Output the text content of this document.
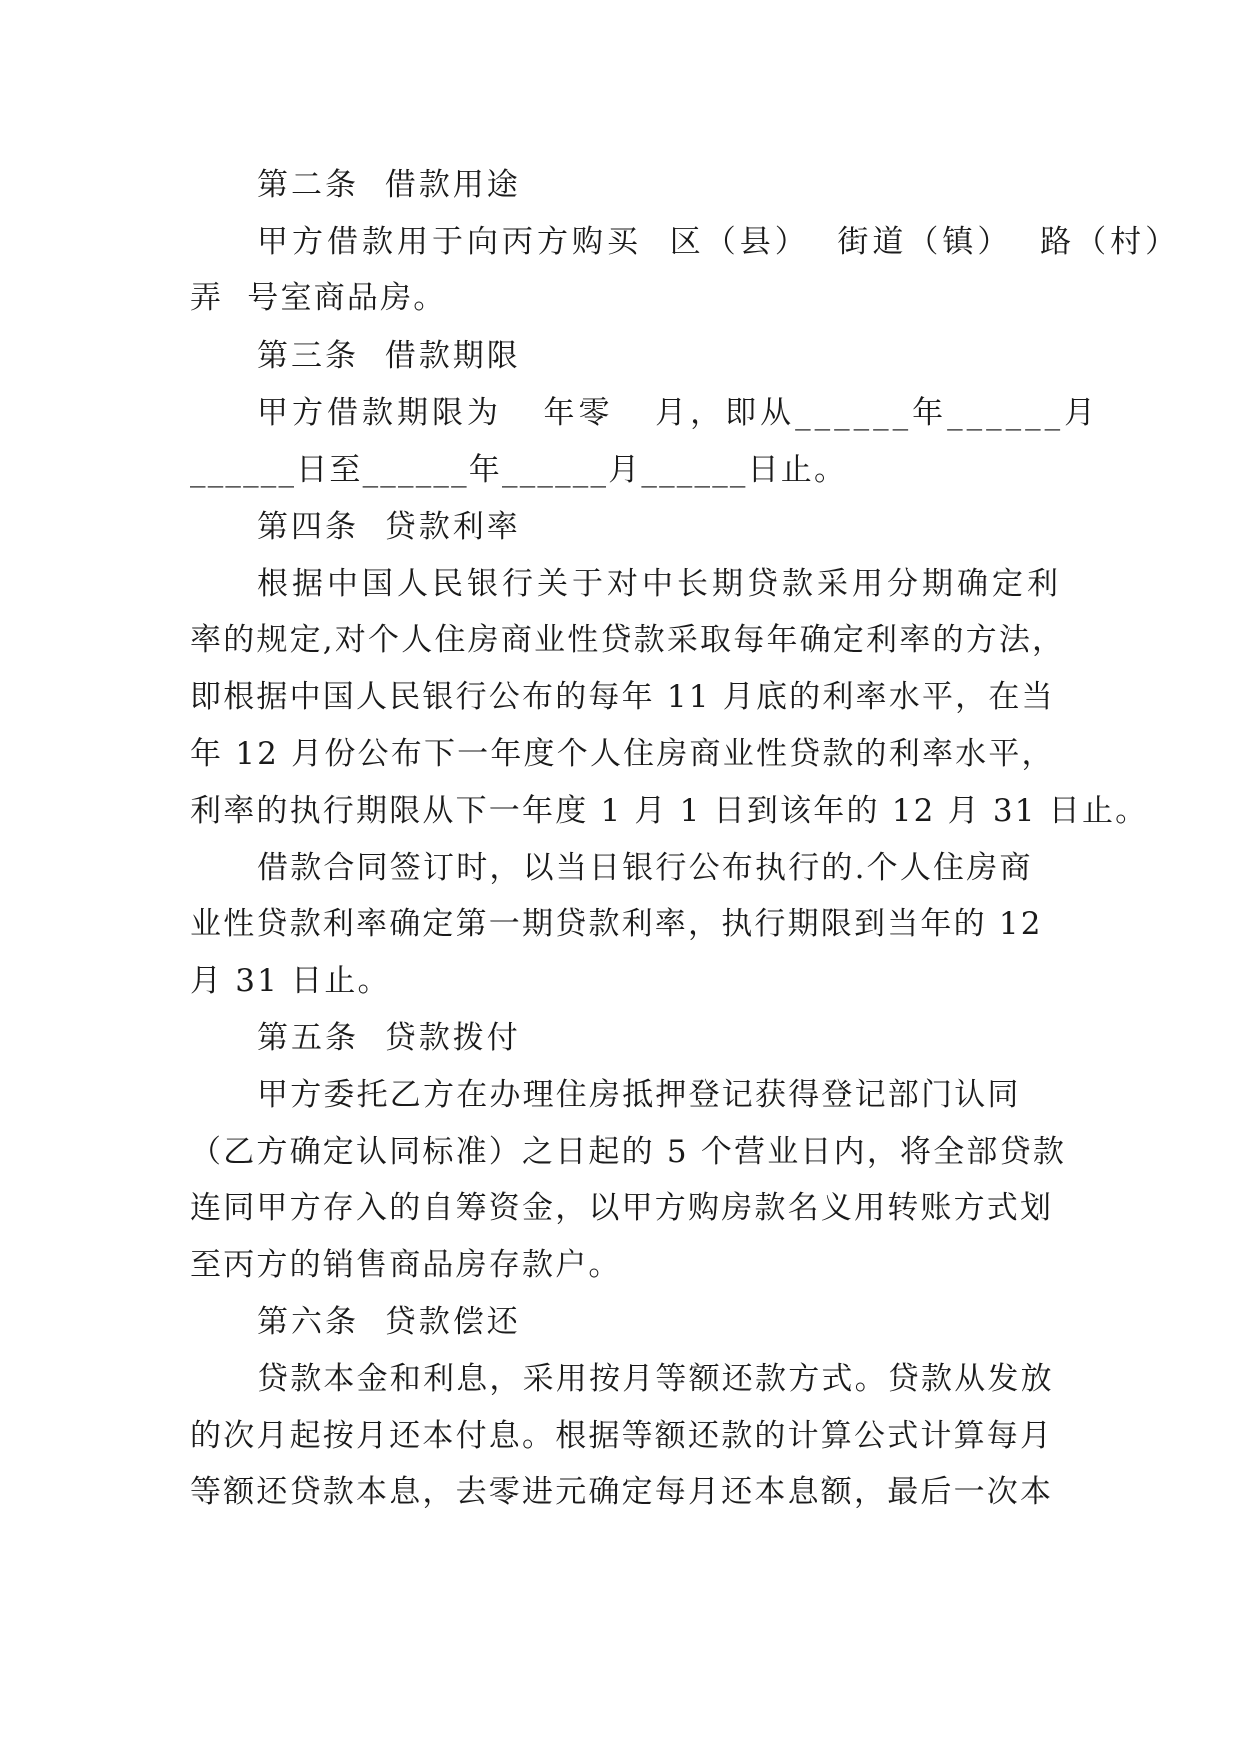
第二条  借款用途
甲方借款用于向丙方购买  区（县）  街道（镇）  路（村）
弄  号室商品房。
第三条  借款期限
甲方借款期限为   年零   月，即从______年______月
______日至______年______月______日止。
第四条  贷款利率
根据中国人民银行关于对中长期贷款采用分期确定利
率的规定,对个人住房商业性贷款采取每年确定利率的方法，
即根据中国人民银行公布的每年 11 月底的利率水平，在当
年 12 月份公布下一年度个人住房商业性贷款的利率水平，
利率的执行期限从下一年度 1 月 1 日到该年的 12 月 31 日止。
借款合同签订时，以当日银行公布执行的.个人住房商
业性贷款利率确定第一期贷款利率，执行期限到当年的 12
月 31 日止。
第五条  贷款拨付
甲方委托乙方在办理住房抵押登记获得登记部门认同
（乙方确定认同标准）之日起的 5 个营业日内，将全部贷款
连同甲方存入的自筹资金，以甲方购房款名义用转账方式划
至丙方的销售商品房存款户。
第六条  贷款偿还
贷款本金和利息，采用按月等额还款方式。贷款从发放
的次月起按月还本付息。根据等额还款的计算公式计算每月
等额还贷款本息，去零进元确定每月还本息额，最后一次本
